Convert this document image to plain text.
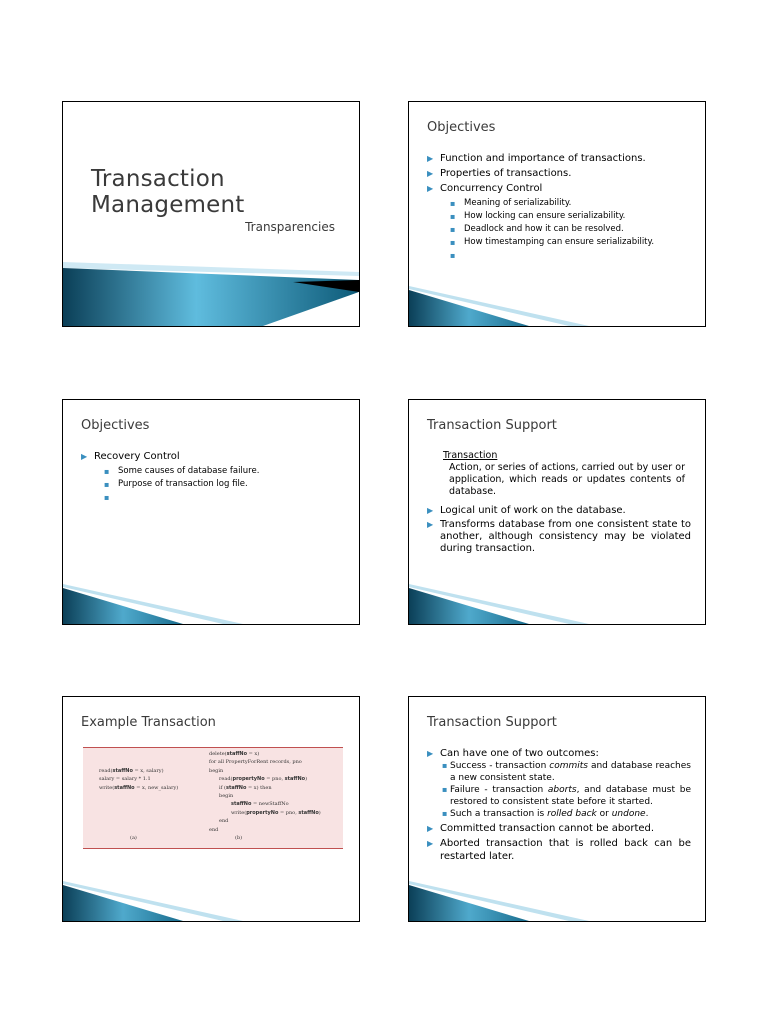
Transaction Management
Transparencies
Objectives
▶ Function and importance of transactions.
▶ Properties of transactions.
▶ Concurrency Control
▪ Meaning of serializability.
▪ How locking can ensure serializability.
▪ Deadlock and how it can be resolved.
▪ How timestamping can ensure serializability.
▪
Objectives
▶ Recovery Control
▪ Some causes of database failure.
▪ Purpose of transaction log file.
▪
Transaction Support
Transaction
Action, or series of actions, carried out by user or application, which reads or updates contents of database.
▶ Logical unit of work on the database.
▶ Transforms database from one consistent state to another, although consistency may be violated during transaction.
Example Transaction
read(staffNo = x, salary)
salary = salary * 1.1
write(staffNo = x, new_salary)
(a)
delete(staffNo = x)
for all PropertyForRent records, pno
begin
read(propertyNo = pno, staffNo)
if (staffNo = x) then
begin
staffNo = newStaffNo
write(propertyNo = pno, staffNo)
end
end
(b)
Transaction Support
▶ Can have one of two outcomes:
▪ Success - transaction commits and database reaches a new consistent state.
▪ Failure - transaction aborts, and database must be restored to consistent state before it started.
▪ Such a transaction is rolled back or undone.
▶ Committed transaction cannot be aborted.
▶ Aborted transaction that is rolled back can be restarted later.
